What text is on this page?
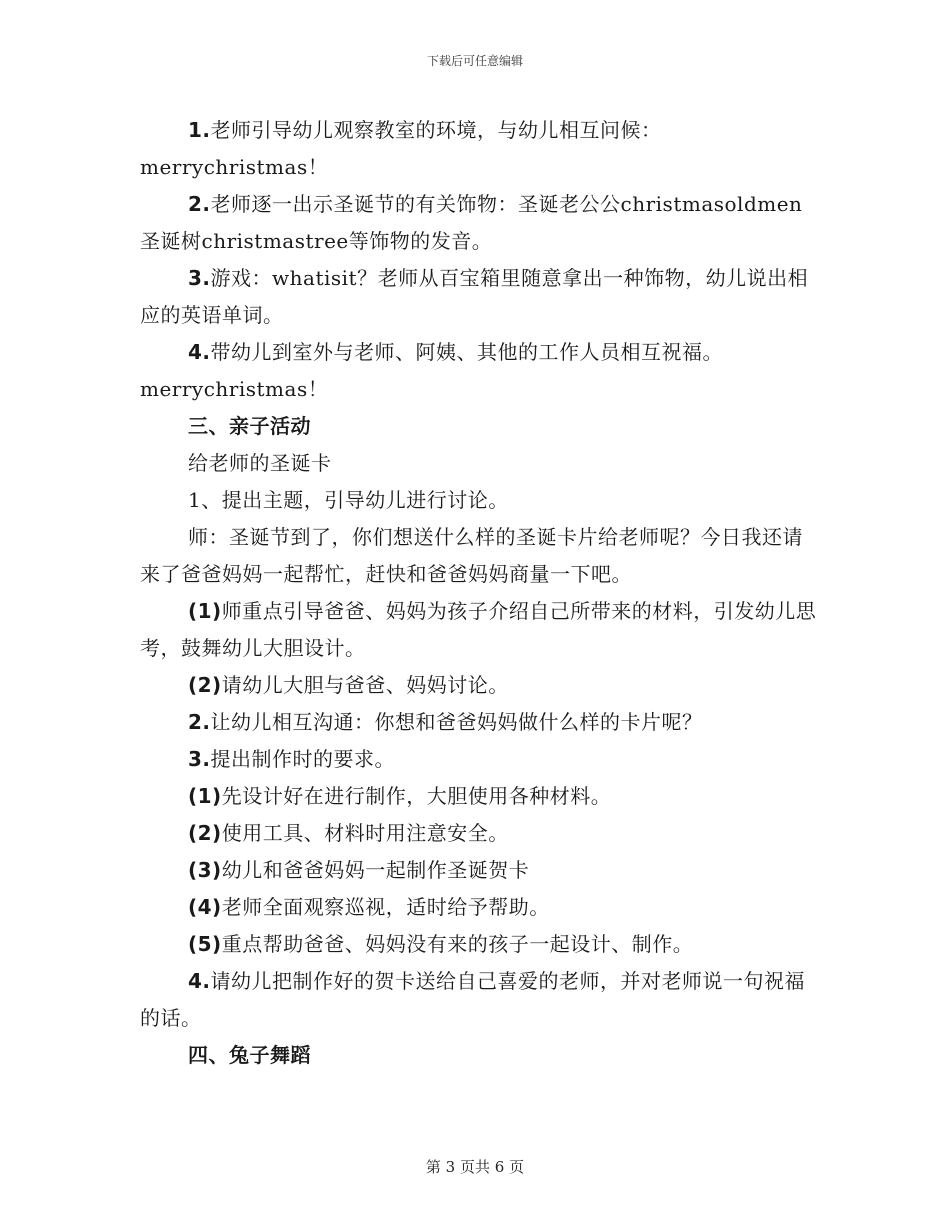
下载后可任意编辑

1.老师引导幼儿观察教室的环境，与幼儿相互问候：merrychristmas！

2.老师逐一出示圣诞节的有关饰物：圣诞老公公christmasoldmen圣诞树christmastree等饰物的发音。

3.游戏：whatisit？老师从百宝箱里随意拿出一种饰物，幼儿说出相应的英语单词。

4.带幼儿到室外与老师、阿姨、其他的工作人员相互祝福。merrychristmas！

三、亲子活动

给老师的圣诞卡

1、提出主题，引导幼儿进行讨论。

师：圣诞节到了，你们想送什么样的圣诞卡片给老师呢？今日我还请来了爸爸妈妈一起帮忙，赶快和爸爸妈妈商量一下吧。

(1)师重点引导爸爸、妈妈为孩子介绍自己所带来的材料，引发幼儿思考，鼓舞幼儿大胆设计。

(2)请幼儿大胆与爸爸、妈妈讨论。

2.让幼儿相互沟通：你想和爸爸妈妈做什么样的卡片呢？

3.提出制作时的要求。

(1)先设计好在进行制作，大胆使用各种材料。

(2)使用工具、材料时用注意安全。

(3)幼儿和爸爸妈妈一起制作圣诞贺卡

(4)老师全面观察巡视，适时给予帮助。

(5)重点帮助爸爸、妈妈没有来的孩子一起设计、制作。

4.请幼儿把制作好的贺卡送给自己喜爱的老师，并对老师说一句祝福的话。

四、兔子舞蹈

第 3 页共 6 页
